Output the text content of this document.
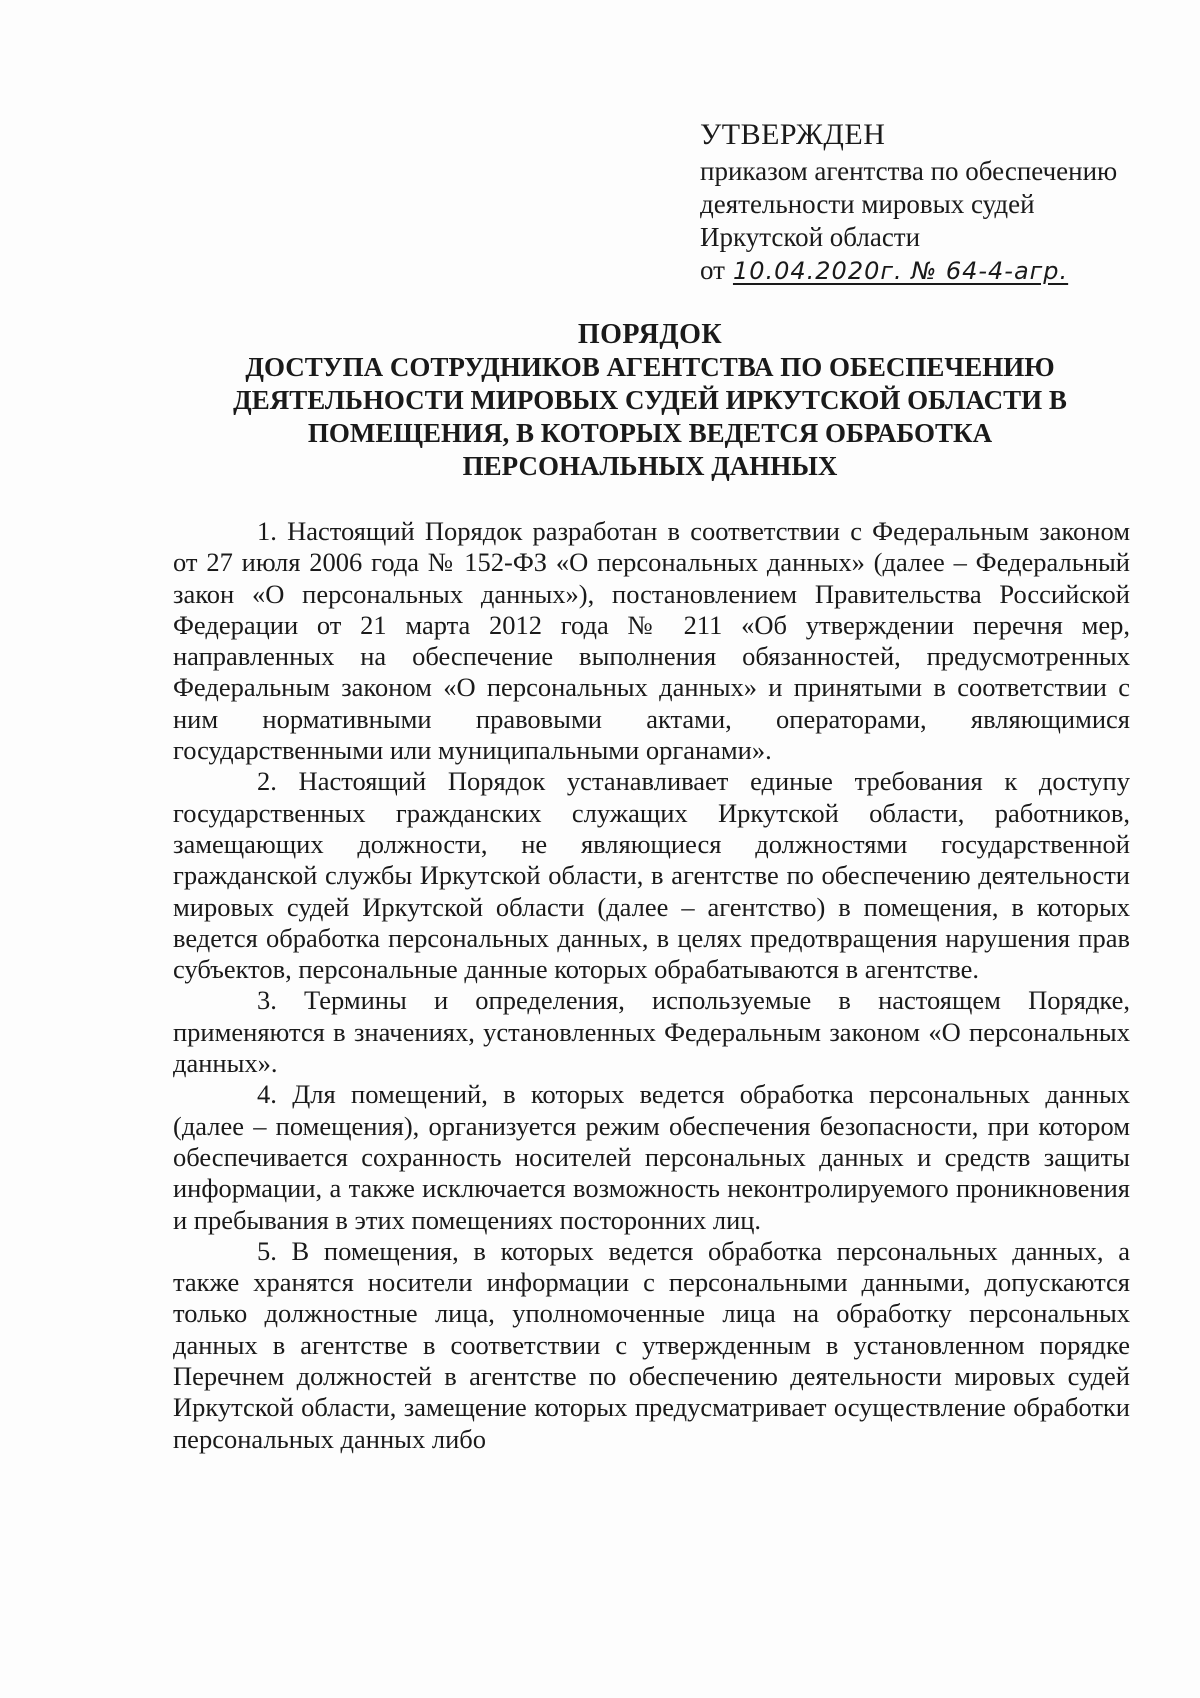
УТВЕРЖДЕН
приказом агентства по обеспечению
деятельности мировых судей
Иркутской области
от 10.04.2020г. № 64-4-агр.
ПОРЯДОК
ДОСТУПА СОТРУДНИКОВ АГЕНТСТВА ПО ОБЕСПЕЧЕНИЮ
ДЕЯТЕЛЬНОСТИ МИРОВЫХ СУДЕЙ ИРКУТСКОЙ ОБЛАСТИ В
ПОМЕЩЕНИЯ, В КОТОРЫХ ВЕДЕТСЯ ОБРАБОТКА
ПЕРСОНАЛЬНЫХ ДАННЫХ

1. Настоящий Порядок разработан в соответствии с Федеральным законом от 27 июля 2006 года № 152-ФЗ «О персональных данных» (далее – Федеральный закон «О персональных данных»), постановлением Правительства Российской Федерации от 21 марта 2012 года № 211 «Об утверждении перечня мер, направленных на обеспечение выполнения обязанностей, предусмотренных Федеральным законом «О персональных данных» и принятыми в соответствии с ним нормативными правовыми актами, операторами, являющимися государственными или муниципальными органами».

2. Настоящий Порядок устанавливает единые требования к доступу государственных гражданских служащих Иркутской области, работников, замещающих должности, не являющиеся должностями государственной гражданской службы Иркутской области, в агентстве по обеспечению деятельности мировых судей Иркутской области (далее – агентство) в помещения, в которых ведется обработка персональных данных, в целях предотвращения нарушения прав субъектов, персональные данные которых обрабатываются в агентстве.

3. Термины и определения, используемые в настоящем Порядке, применяются в значениях, установленных Федеральным законом «О персональных данных».

4. Для помещений, в которых ведется обработка персональных данных (далее – помещения), организуется режим обеспечения безопасности, при котором обеспечивается сохранность носителей персональных данных и средств защиты информации, а также исключается возможность неконтролируемого проникновения и пребывания в этих помещениях посторонних лиц.

5. В помещения, в которых ведется обработка персональных данных, а также хранятся носители информации с персональными данными, допускаются только должностные лица, уполномоченные лица на обработку персональных данных в агентстве в соответствии с утвержденным в установленном порядке Перечнем должностей в агентстве по обеспечению деятельности мировых судей Иркутской области, замещение которых предусматривает осуществление обработки персональных данных либо
